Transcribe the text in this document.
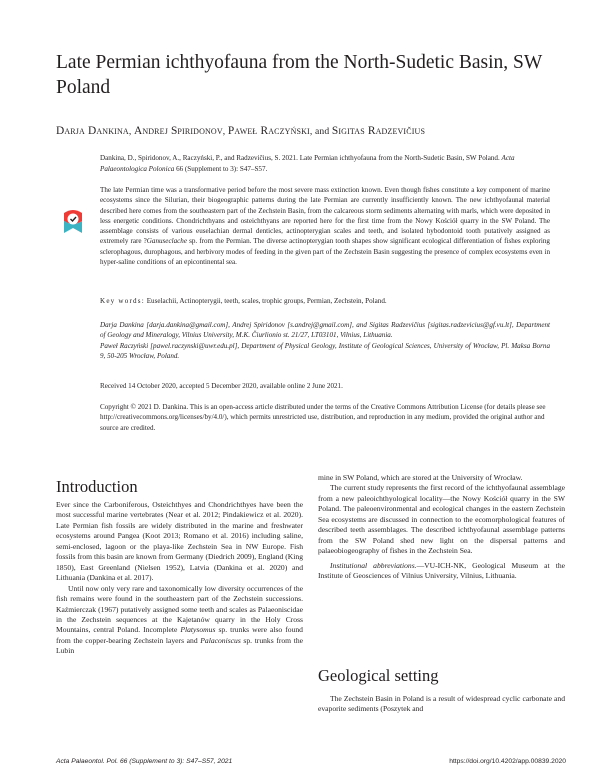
Late Permian ichthyofauna from the North-Sudetic Basin, SW Poland
Darja Dankina, Andrej Spiridonov, Paweł Raczyński, and Sigitas Radzevičius
Dankina, D., Spiridonov, A., Raczyński, P., and Radzevičius, S. 2021. Late Permian ichthyofauna from the North-Sudetic Basin, SW Poland. Acta Palaeontologica Polonica 66 (Supplement to 3): S47–S57.
The late Permian time was a transformative period before the most severe mass extinction known. Even though fishes constitute a key component of marine ecosystems since the Silurian, their biogeographic patterns during the late Permian are currently insufficiently known. The new ichthyofaunal material described here comes from the southeastern part of the Zechstein Basin, from the calcareous storm sediments alternating with marls, which were deposited in less energetic conditions. Chondrichthyans and osteichthyans are reported here for the first time from the Nowy Kościół quarry in the SW Poland. The assemblage consists of various euselachian dermal denticles, actinopterygian scales and teeth, and isolated hybodontoid tooth putatively assigned as extremely rare ?Ganuseclache sp. from the Permian. The diverse actinopterygian tooth shapes show significant ecological differentiation of fishes exploring sclerophagous, durophagous, and herbivory modes of feeding in the given part of the Zechstein Basin suggesting the presence of complex ecosystems even in hyper-saline conditions of an epicontinental sea.
Key words: Euselachii, Actinopterygii, teeth, scales, trophic groups, Permian, Zechstein, Poland.
Darja Dankina [darja.dankina@gmail.com], Andrej Spiridonov [s.andrej@gmail.com], and Sigitas Radzevičius [sigitas.radzevicius@gf.vu.lt], Department of Geology and Mineralogy, Vilnius University, M.K. Čiurlionio st. 21/27, LT03101, Vilnius, Lithuania.
Paweł Raczyński [pawel.raczynski@uwr.edu.pl], Department of Physical Geology, Institute of Geological Sciences, University of Wrocław, Pl. Maksa Borna 9, 50-205 Wrocław, Poland.
Received 14 October 2020, accepted 5 December 2020, available online 2 June 2021.
Copyright © 2021 D. Dankina. This is an open-access article distributed under the terms of the Creative Commons Attribution License (for details please see http://creativecommons.org/licenses/by/4.0/), which permits unrestricted use, distribution, and reproduction in any medium, provided the original author and source are credited.
Introduction

Ever since the Carboniferous, Osteichthyes and Chondrichthyes have been the most successful marine vertebrates (Near et al. 2012; Pindakiewicz et al. 2020). Late Permian fish fossils are widely distributed in the marine and freshwater ecosystems around Pangea (Koot 2013; Romano et al. 2016) including saline, semi-enclosed, lagoon or the playa-like Zechstein Sea in NW Europe. Fish fossils from this basin are known from Germany (Diedrich 2009), England (King 1850), East Greenland (Nielsen 1952), Latvia (Dankina et al. 2020) and Lithuania (Dankina et al. 2017).

Until now only very rare and taxonomically low diversity occurrences of the fish remains were found in the southeastern part of the Zechstein successions. Kaźmierczak (1967) putatively assigned some teeth and scales as Palaeoniscidae in the Zechstein sequences at the Kajetanów quarry in the Holy Cross Mountains, central Poland. Incomplete Platysomus sp. trunks were also found from the copper-bearing Zechstein layers and Palaconiscus sp. trunks from the Lubin

mine in SW Poland, which are stored at the University of Wrocław.

The current study represents the first record of the ichthyofaunal assemblage from a new paleoichthyological locality—the Nowy Kościół quarry in the SW Poland. The paleoenvironmental and ecological changes in the eastern Zechstein Sea ecosystems are discussed in connection to the ecomorphological features of described teeth assemblages. The described ichthyofaunal assemblage patterns from the SW Poland shed new light on the dispersal patterns and palaeobiogeography of fishes in the Zechstein Sea.

Institutional abbreviations.—VU-ICH-NK, Geological Museum at the Institute of Geosciences of Vilnius University, Vilnius, Lithuania.

Geological setting

The Zechstein Basin in Poland is a result of widespread cyclic carbonate and evaporite sediments (Poszytek and

Acta Palaeontol. Pol. 66 (Supplement to 3): S47–S57, 2021	https://doi.org/10.4202/app.00839.2020
